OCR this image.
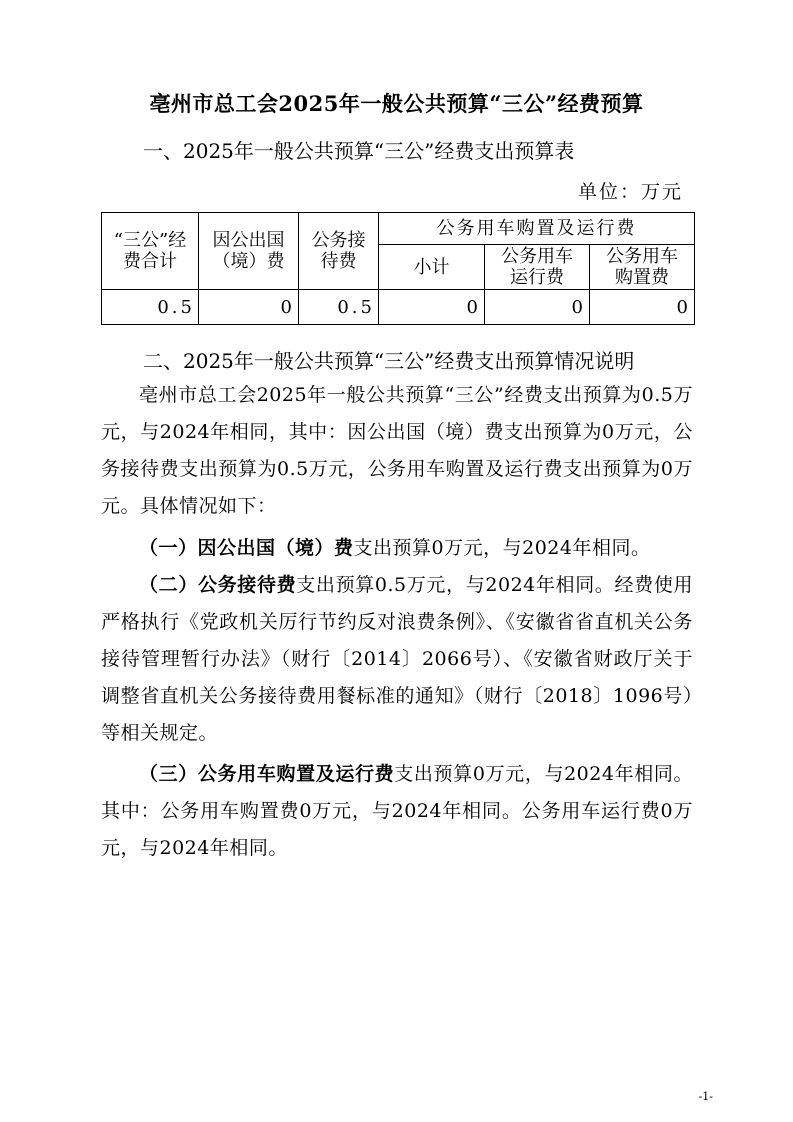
亳州市总工会2025年一般公共预算“三公”经费预算
一、2025年一般公共预算“三公”经费支出预算表
单位：万元
“三公”经费合计	因公出国（境）费	公务接待费	公务用车购置及运行费		
			小计	公务用车运行费	公务用车购置费
0.5	0	0.5	0	0	0
二、2025年一般公共预算“三公”经费支出预算情况说明
亳州市总工会2025年一般公共预算“三公”经费支出预算为0.5万元，与2024年相同，其中：因公出国（境）费支出预算为0万元，公务接待费支出预算为0.5万元，公务用车购置及运行费支出预算为0万元。具体情况如下：
（一）因公出国（境）费支出预算0万元，与2024年相同。
（二）公务接待费支出预算0.5万元，与2024年相同。经费使用严格执行《党政机关厉行节约反对浪费条例》、《安徽省省直机关公务接待管理暂行办法》（财行〔2014〕2066号）、《安徽省财政厅关于调整省直机关公务接待费用餐标准的通知》（财行〔2018〕1096号）等相关规定。
（三）公务用车购置及运行费支出预算0万元，与2024年相同。其中：公务用车购置费0万元，与2024年相同。公务用车运行费0万元，与2024年相同。
-1-
